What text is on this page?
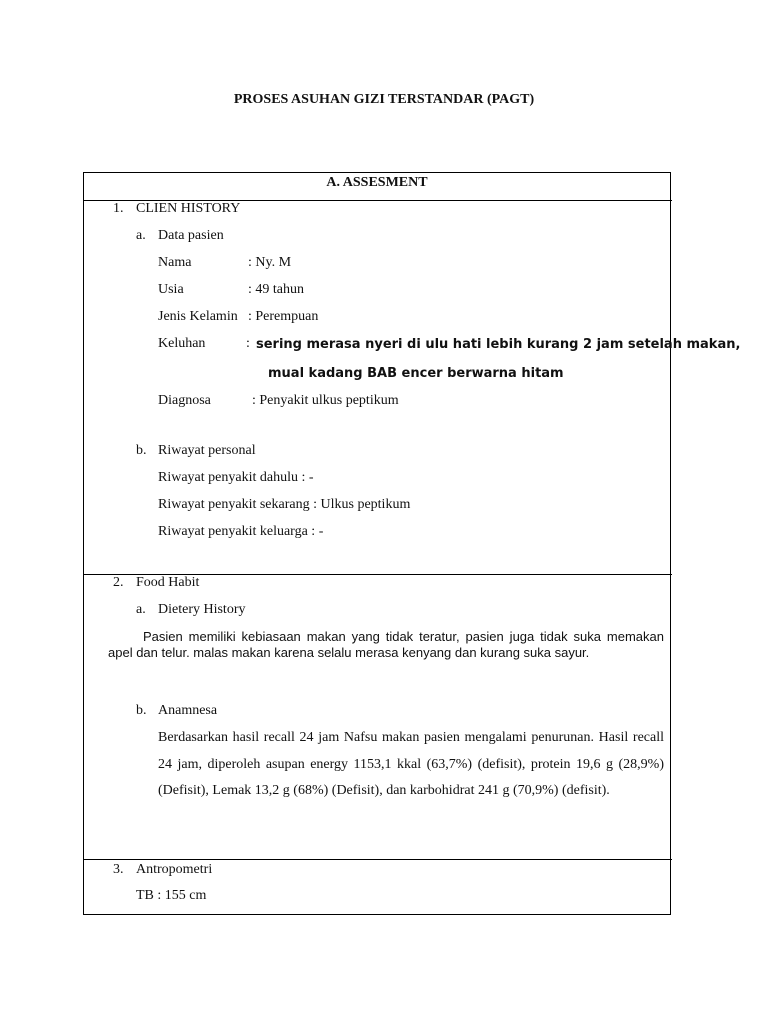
PROSES ASUHAN GIZI TERSTANDAR (PAGT)
A. ASSESMENT
1. CLIEN HISTORY
a. Data pasien
Nama	: Ny. M
Usia	: 49 tahun
Jenis Kelamin : Perempuan
Keluhan	: sering merasa nyeri di ulu hati lebih kurang 2 jam setelah makan,
mual kadang BAB encer berwarna hitam
Diagnosa	: Penyakit ulkus peptikum
b. Riwayat personal
Riwayat penyakit dahulu : -
Riwayat penyakit sekarang : Ulkus peptikum
Riwayat penyakit keluarga : -
2. Food Habit
a. Dietery History
Pasien memiliki kebiasaan makan yang tidak teratur, pasien juga tidak suka memakan apel dan telur. malas makan karena selalu merasa kenyang dan kurang suka sayur.
b. Anamnesa
Berdasarkan hasil recall 24 jam Nafsu makan pasien mengalami penurunan. Hasil recall 24 jam, diperoleh asupan energy 1153,1 kkal (63,7%) (defisit), protein 19,6 g (28,9%) (Defisit), Lemak 13,2 g (68%) (Defisit), dan karbohidrat 241 g (70,9%) (defisit).
3. Antropometri
TB : 155 cm
